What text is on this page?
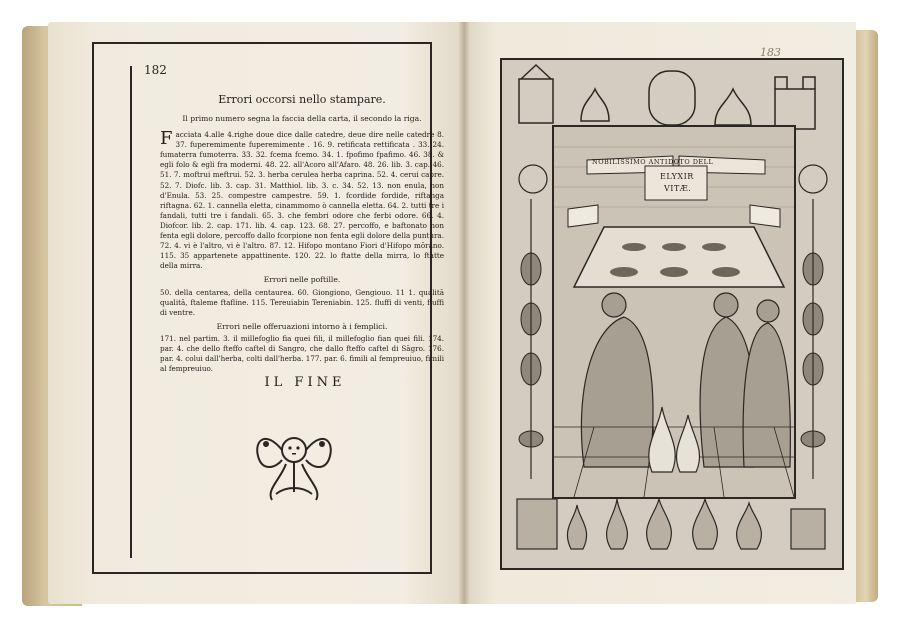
182
183
Errori occorsi nello stampare.
Il primo numero segna la faccia della carta, il secondo la riga.

Facciata 4.alle 4.righe doue dice dalle catedre, deue dire nelle catedre 8. 37. fuperemimente fuperemimente . 16. 9. retificata rettificata . 33. 24. fumaterra fumoterra. 33. 32. fcema fcemo. 34. 1. fpofimo fpafimo. 46. 38. & egli folo & egli fra moderni. 48. 22. all'Acoro all'Afaro. 48. 26. lib. 3. cap. 46. 51. 7. moftrui meftrui. 52. 3. herba cerulea herba caprina. 52. 4. cerui capre. 52. 7. Diofc. lib. 3. cap. 31. Matthiol. lib. 3. c. 34. 52. 13. non enula, non d'Enula. 53. 25. compestre campestre. 59. 1. fcordide fordide, riftanga riftagna. 62. 1. cannella eletta, cinammomo ò cannella eletta. 64. 2. tutti tre i fandali, tutti tre i fandali. 65. 3. che fembri odore che ferbi odore. 66. 4. Diofcor. lib. 2. cap. 171. lib. 4. cap. 123. 68. 27. percoffo, e baftonato non fenta egli dolore, percoffo dallo fcorpione non fenta egli dolore della puntura. 72. 4. vi è l'altro, vi è l'altro. 87. 12. Hifopo montano Fiori d'Hifopo mōrano. 115. 35 appartenete appattinente. 120. 22. lo ftatte della mirra, lo ftatte della mirra.

Errori nelle poftille.

50. della centarea, della centaurea. 60. Giongiono, Gengiouo. 11 1. qualitā qualitā, ftaleme ftafline. 115. Tereuiabin Tereniabin. 125. fluffi di venti, fluffi di ventre.

Errori nelle offeruazioni intorno à i femplici.

171. nel partim. 3. il millefoglio fia quei fili, il millefoglio fian quei fili. 174. par. 4. che dello fteffo caftel di Sangro, che dallo fteffo caftel di Sāgro. 176. par. 4. colui dall'herba, colti dall'herba. 177. par. 6. fimili al fempreuiuo, fimili al fempreuiuo.

IL FINE
NOBILISSIMO ANTIDOTO DELL
ELYXIR
VITÆ.
